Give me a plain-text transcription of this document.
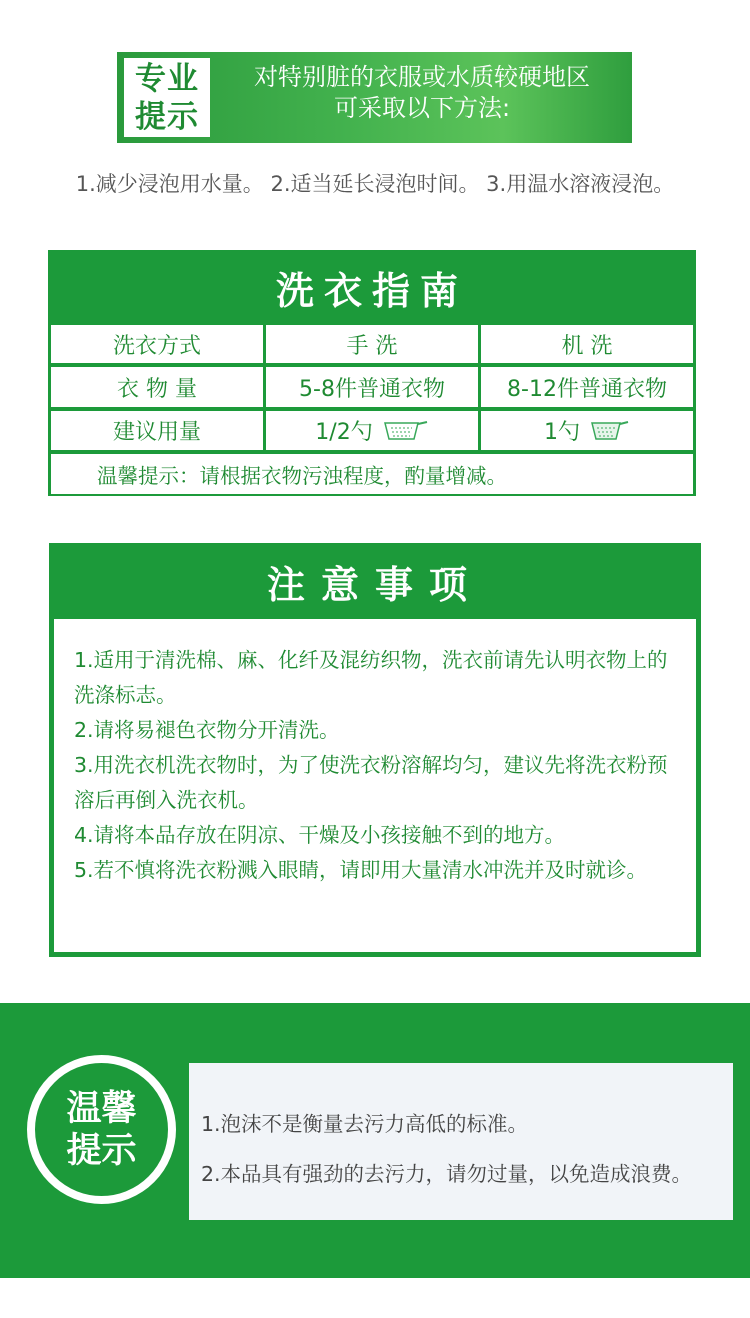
专业
提示
对特别脏的衣服或水质较硬地区
可采取以下方法:
1.减少浸泡用水量。 2.适当延长浸泡时间。 3.用温水溶液浸泡。
洗衣指南
洗衣方式	手 洗	机 洗
衣 物 量	5-8件普通衣物	8-12件普通衣物
建议用量	1/2勺	1勺
温馨提示：请根据衣物污浊程度，酌量增减。
注意事项
1.适用于清洗棉、麻、化纤及混纺织物，洗衣前请先认明衣物上的洗涤标志。
2.请将易褪色衣物分开清洗。
3.用洗衣机洗衣物时，为了使洗衣粉溶解均匀，建议先将洗衣粉预溶后再倒入洗衣机。
4.请将本品存放在阴凉、干燥及小孩接触不到的地方。
5.若不慎将洗衣粉溅入眼睛，请即用大量清水冲洗并及时就诊。
温馨
提示
1.泡沫不是衡量去污力高低的标准。
2.本品具有强劲的去污力，请勿过量，以免造成浪费。
